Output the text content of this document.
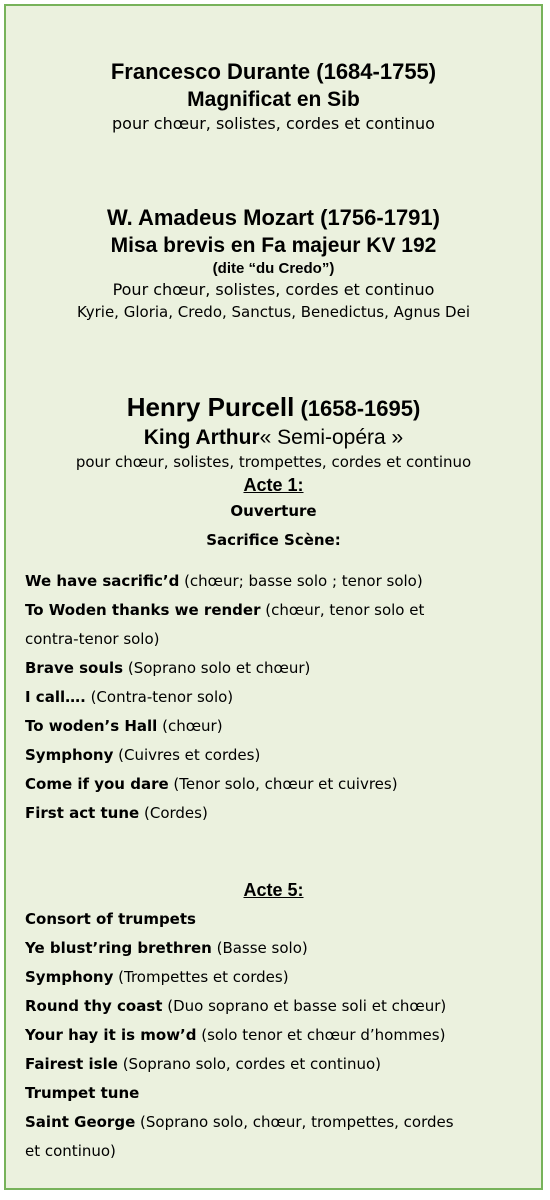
Francesco Durante (1684-1755)
Magnificat en Sib
pour chœur, solistes, cordes et continuo
W. Amadeus Mozart (1756-1791)
Misa brevis en Fa majeur KV 192
(dite “du Credo”)
Pour chœur, solistes, cordes et continuo
Kyrie, Gloria, Credo, Sanctus, Benedictus, Agnus Dei
Henry Purcell (1658-1695)
King Arthur« Semi-opéra »
pour chœur, solistes, trompettes, cordes et continuo
Acte 1:
Ouverture
Sacrifice Scène:
We have sacrific’d (chœur; basse solo ; tenor solo)
To Woden thanks we render (chœur, tenor solo et
contra-tenor solo)
Brave souls (Soprano solo et chœur)
I call…. (Contra-tenor solo)
To woden’s Hall (chœur)
Symphony (Cuivres et cordes)
Come if you dare (Tenor solo, chœur et cuivres)
First act tune (Cordes)
Acte 5:
Consort of trumpets
Ye blust’ring brethren (Basse solo)
Symphony (Trompettes et cordes)
Round thy coast (Duo soprano et basse soli et chœur)
Your hay it is mow’d (solo tenor et chœur d’hommes)
Fairest isle (Soprano solo, cordes et continuo)
Trumpet tune
Saint George (Soprano solo, chœur, trompettes, cordes
et continuo)
